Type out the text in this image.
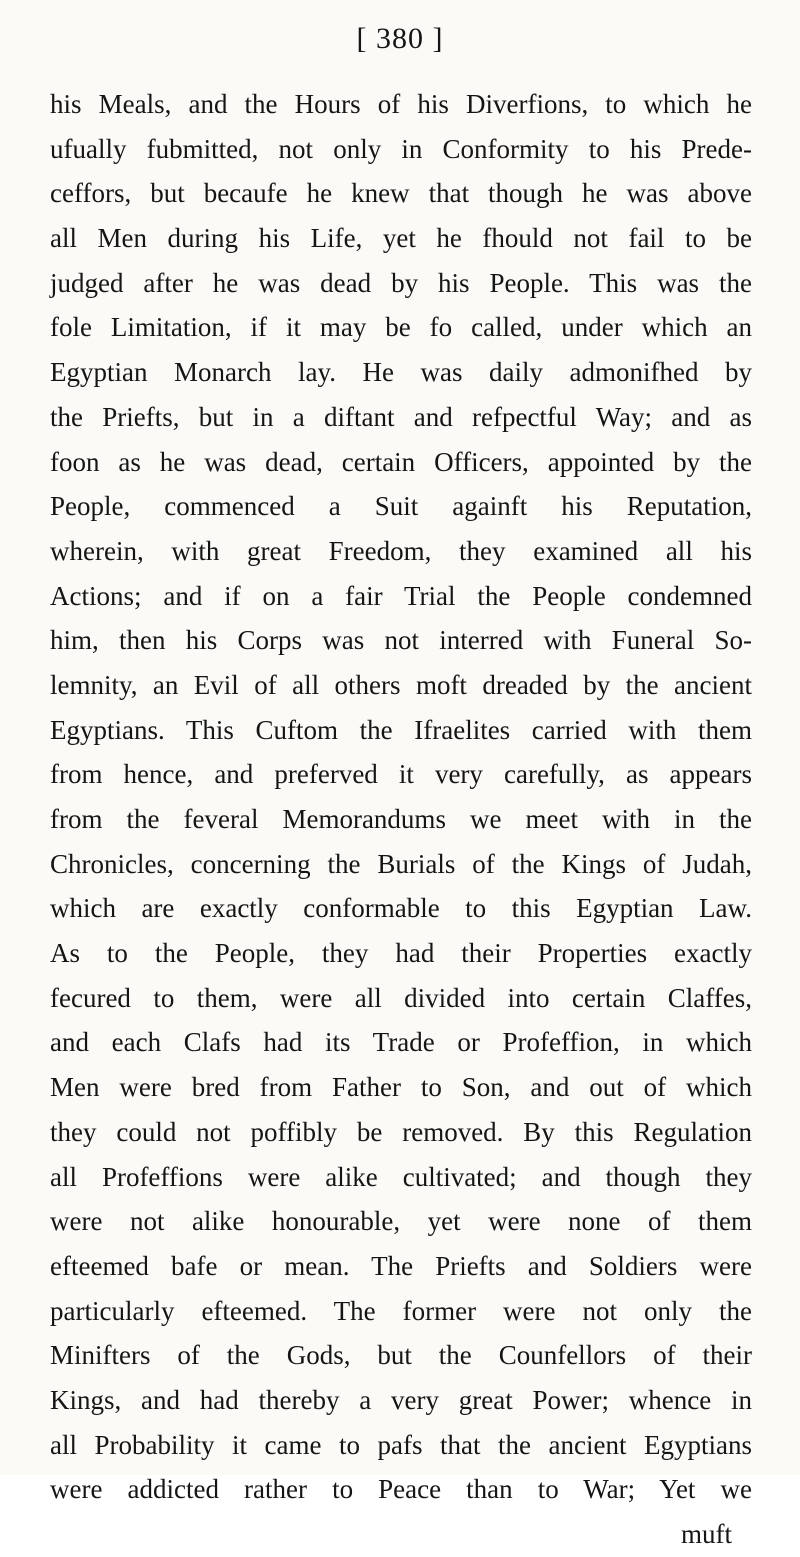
[ 380 ]
his Meals, and the Hours of his Diverfions, to which he
ufually fubmitted, not only in Conformity to his Prede-
ceffors, but becaufe he knew that though he was above
all Men during his Life, yet he fhould not fail to be
judged after he was dead by his People. This was the
fole Limitation, if it may be fo called, under which an
Egyptian Monarch lay. He was daily admonifhed by
the Priefts, but in a diftant and refpectful Way; and as
foon as he was dead, certain Officers, appointed by the
People, commenced a Suit againft his Reputation,
wherein, with great Freedom, they examined all his
Actions; and if on a fair Trial the People condemned
him, then his Corps was not interred with Funeral So-
lemnity, an Evil of all others moft dreaded by the ancient
Egyptians. This Cuftom the Ifraelites carried with them
from hence, and preferved it very carefully, as appears
from the feveral Memorandums we meet with in the
Chronicles, concerning the Burials of the Kings of Judah,
which are exactly conformable to this Egyptian Law.
As to the People, they had their Properties exactly
fecured to them, were all divided into certain Claffes,
and each Clafs had its Trade or Profeffion, in which
Men were bred from Father to Son, and out of which
they could not poffibly be removed. By this Regulation
all Profeffions were alike cultivated; and though they
were not alike honourable, yet were none of them
efteemed bafe or mean. The Priefts and Soldiers were
particularly efteemed. The former were not only the
Minifters of the Gods, but the Counfellors of their
Kings, and had thereby a very great Power; whence in
all Probability it came to pafs that the ancient Egyptians
were addicted rather to Peace than to War; Yet we
muft
